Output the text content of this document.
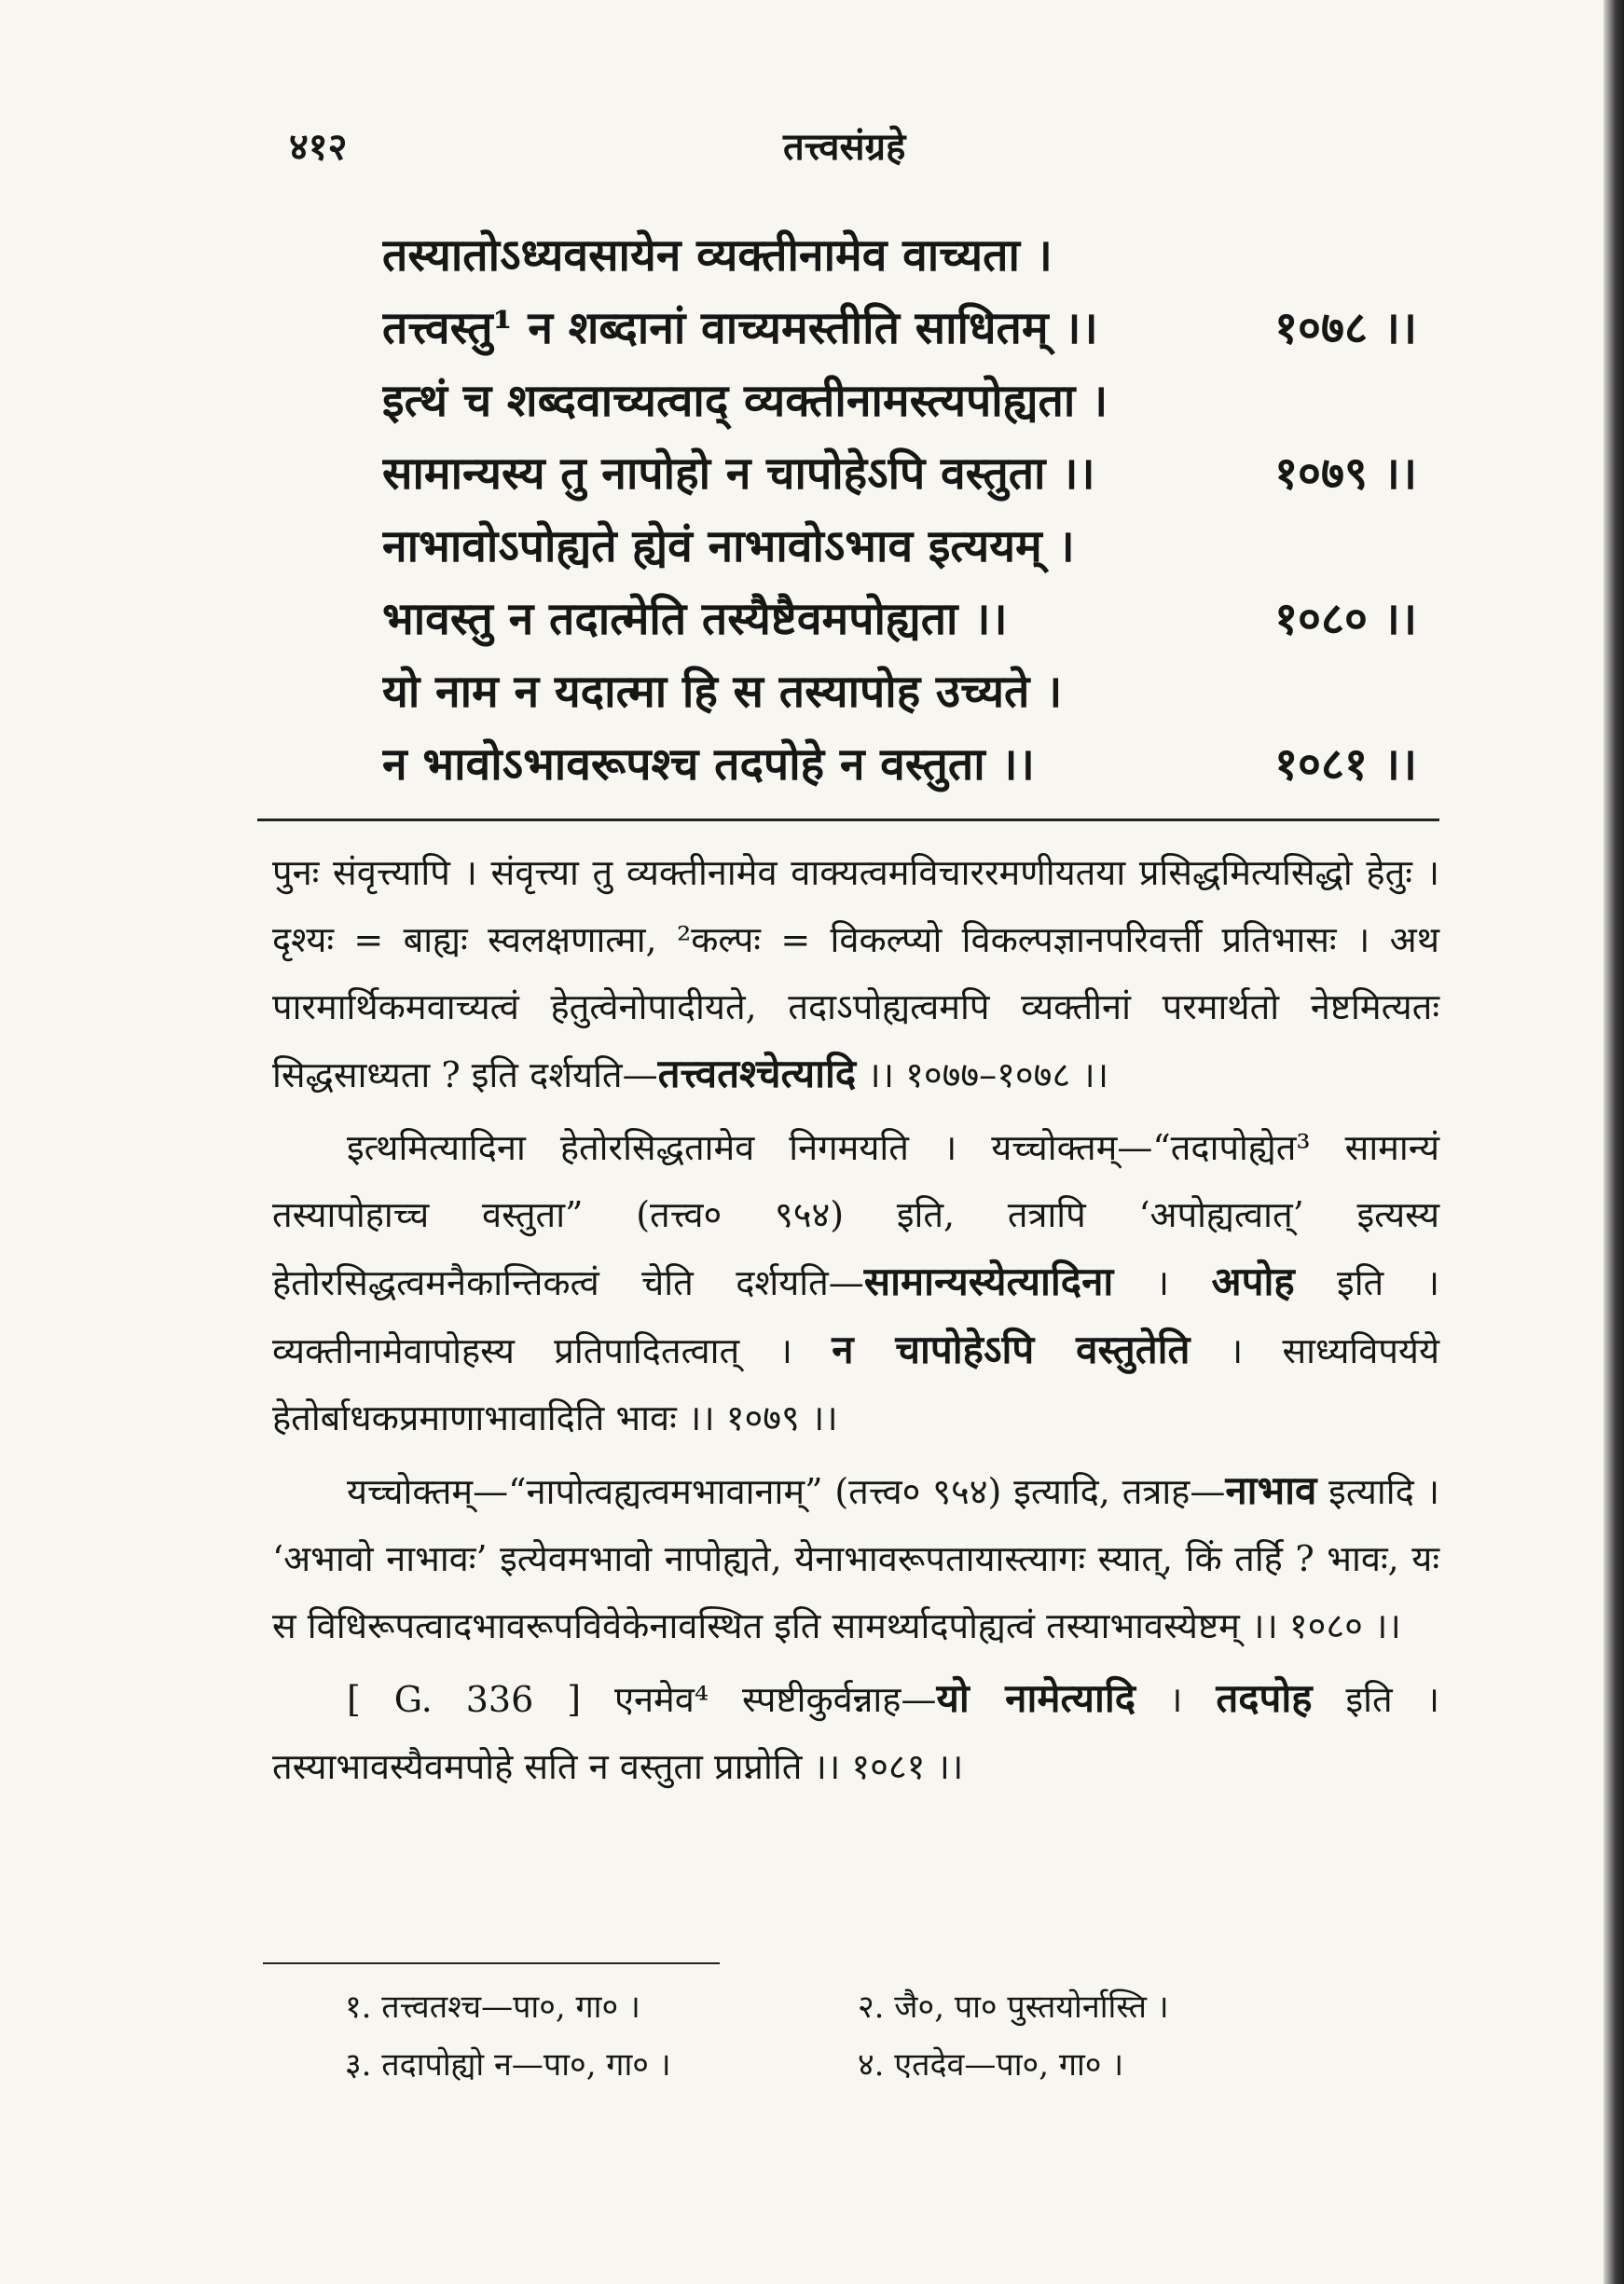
४१२	तत्त्वसंग्रहे
तस्यातोऽध्यवसायेन व्यक्तीनामेव वाच्यता ।
तत्त्वस्तु¹ न शब्दानां वाच्यमस्तीति साधितम् ।।	१०७८ ।।
इत्थं च शब्दवाच्यत्वाद् व्यक्तीनामस्त्यपोह्यता ।
सामान्यस्य तु नापोहो न चापोहेऽपि वस्तुता ।।	१०७९ ।।
नाभावोऽपोह्यते ह्येवं नाभावोऽभाव इत्ययम् ।
भावस्तु न तदात्मेति तस्यैष्टैवमपोह्यता ।।	१०८० ।।
यो नाम न यदात्मा हि स तस्यापोह उच्यते ।
न भावोऽभावरूपश्च तदपोहे न वस्तुता ।।	१०८१ ।।

पुनः संवृत्त्यापि । संवृत्त्या तु व्यक्तीनामेव वाक्यत्वमविचाररमणीयतया प्रसिद्धमित्यसिद्धो हेतुः । दृश्यः = बाह्यः स्वलक्षणात्मा, ²कल्पः = विकल्प्यो विकल्पज्ञानपरिवर्त्ती प्रतिभासः । अथ पारमार्थिकमवाच्यत्वं हेतुत्वेनोपादीयते, तदाऽपोह्यत्वमपि व्यक्तीनां परमार्थतो नेष्टमित्यतः सिद्धसाध्यता ? इति दर्शयति—तत्त्वतश्चेत्यादि ।। १०७७–१०७८ ।।

इत्थमित्यादिना हेतोरसिद्धतामेव निगमयति । यच्चोक्तम्—“तदापोह्येत³ सामान्यं तस्यापोहाच्च वस्तुता” (तत्त्व० ९५४) इति, तत्रापि ‘अपोह्यत्वात्’ इत्यस्य हेतोरसिद्धत्वमनैकान्तिकत्वं चेति दर्शयति—सामान्यस्येत्यादिना । अपोह इति । व्यक्तीनामेवापोहस्य प्रतिपादितत्वात् । न चापोहेऽपि वस्तुतेति । साध्यविपर्यये हेतोर्बाधकप्रमाणाभावादिति भावः ।। १०७९ ।।

यच्चोक्तम्—“नापोत्वह्यत्वमभावानाम्” (तत्त्व० ९५४) इत्यादि, तत्राह—नाभाव इत्यादि । ‘अभावो नाभावः’ इत्येवमभावो नापोह्यते, येनाभावरूपतायास्त्यागः स्यात्, किं तर्हि ? भावः, यः स विधिरूपत्वादभावरूपविवेकेनावस्थित इति सामर्थ्यादपोह्यत्वं तस्याभावस्येष्टम् ।। १०८० ।।

[ G. 336 ] एनमेव⁴ स्पष्टीकुर्वन्नाह—यो नामेत्यादि । तदपोह इति । तस्याभावस्यैवमपोहे सति न वस्तुता प्राप्नोति ।। १०८१ ।।

१. तत्त्वतश्च—पा०, गा० ।	२. जै०, पा० पुस्तयोर्नास्ति ।
३. तदापोह्यो न—पा०, गा० ।	४. एतदेव—पा०, गा० ।
